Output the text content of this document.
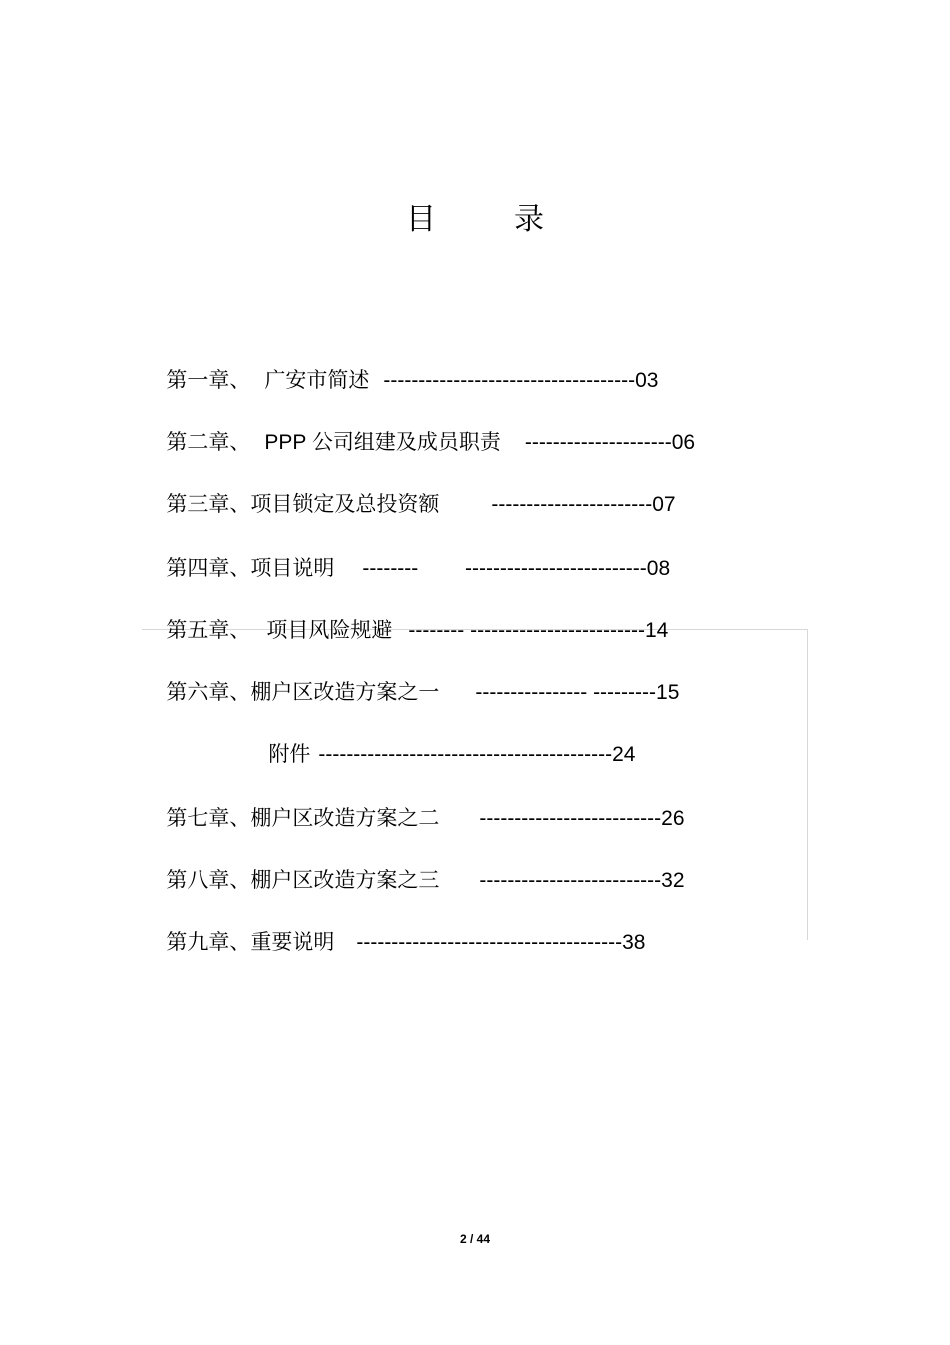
目	录

第一章、 广安市简述 ------------------------------------03

第二章、 PPP 公司组建及成员职责 ---------------------06

第三章、项目锁定及总投资额 -----------------------07

第四章、项目说明 --------        --------------------------08

第五章、 项目风险规避 -------- -------------------------14

第六章、棚户区改造方案之一 ---------------- ---------15

附件 ------------------------------------------24

第七章、棚户区改造方案之二 --------------------------26

第八章、棚户区改造方案之三 --------------------------32

第九章、重要说明 --------------------------------------38

2 / 44
